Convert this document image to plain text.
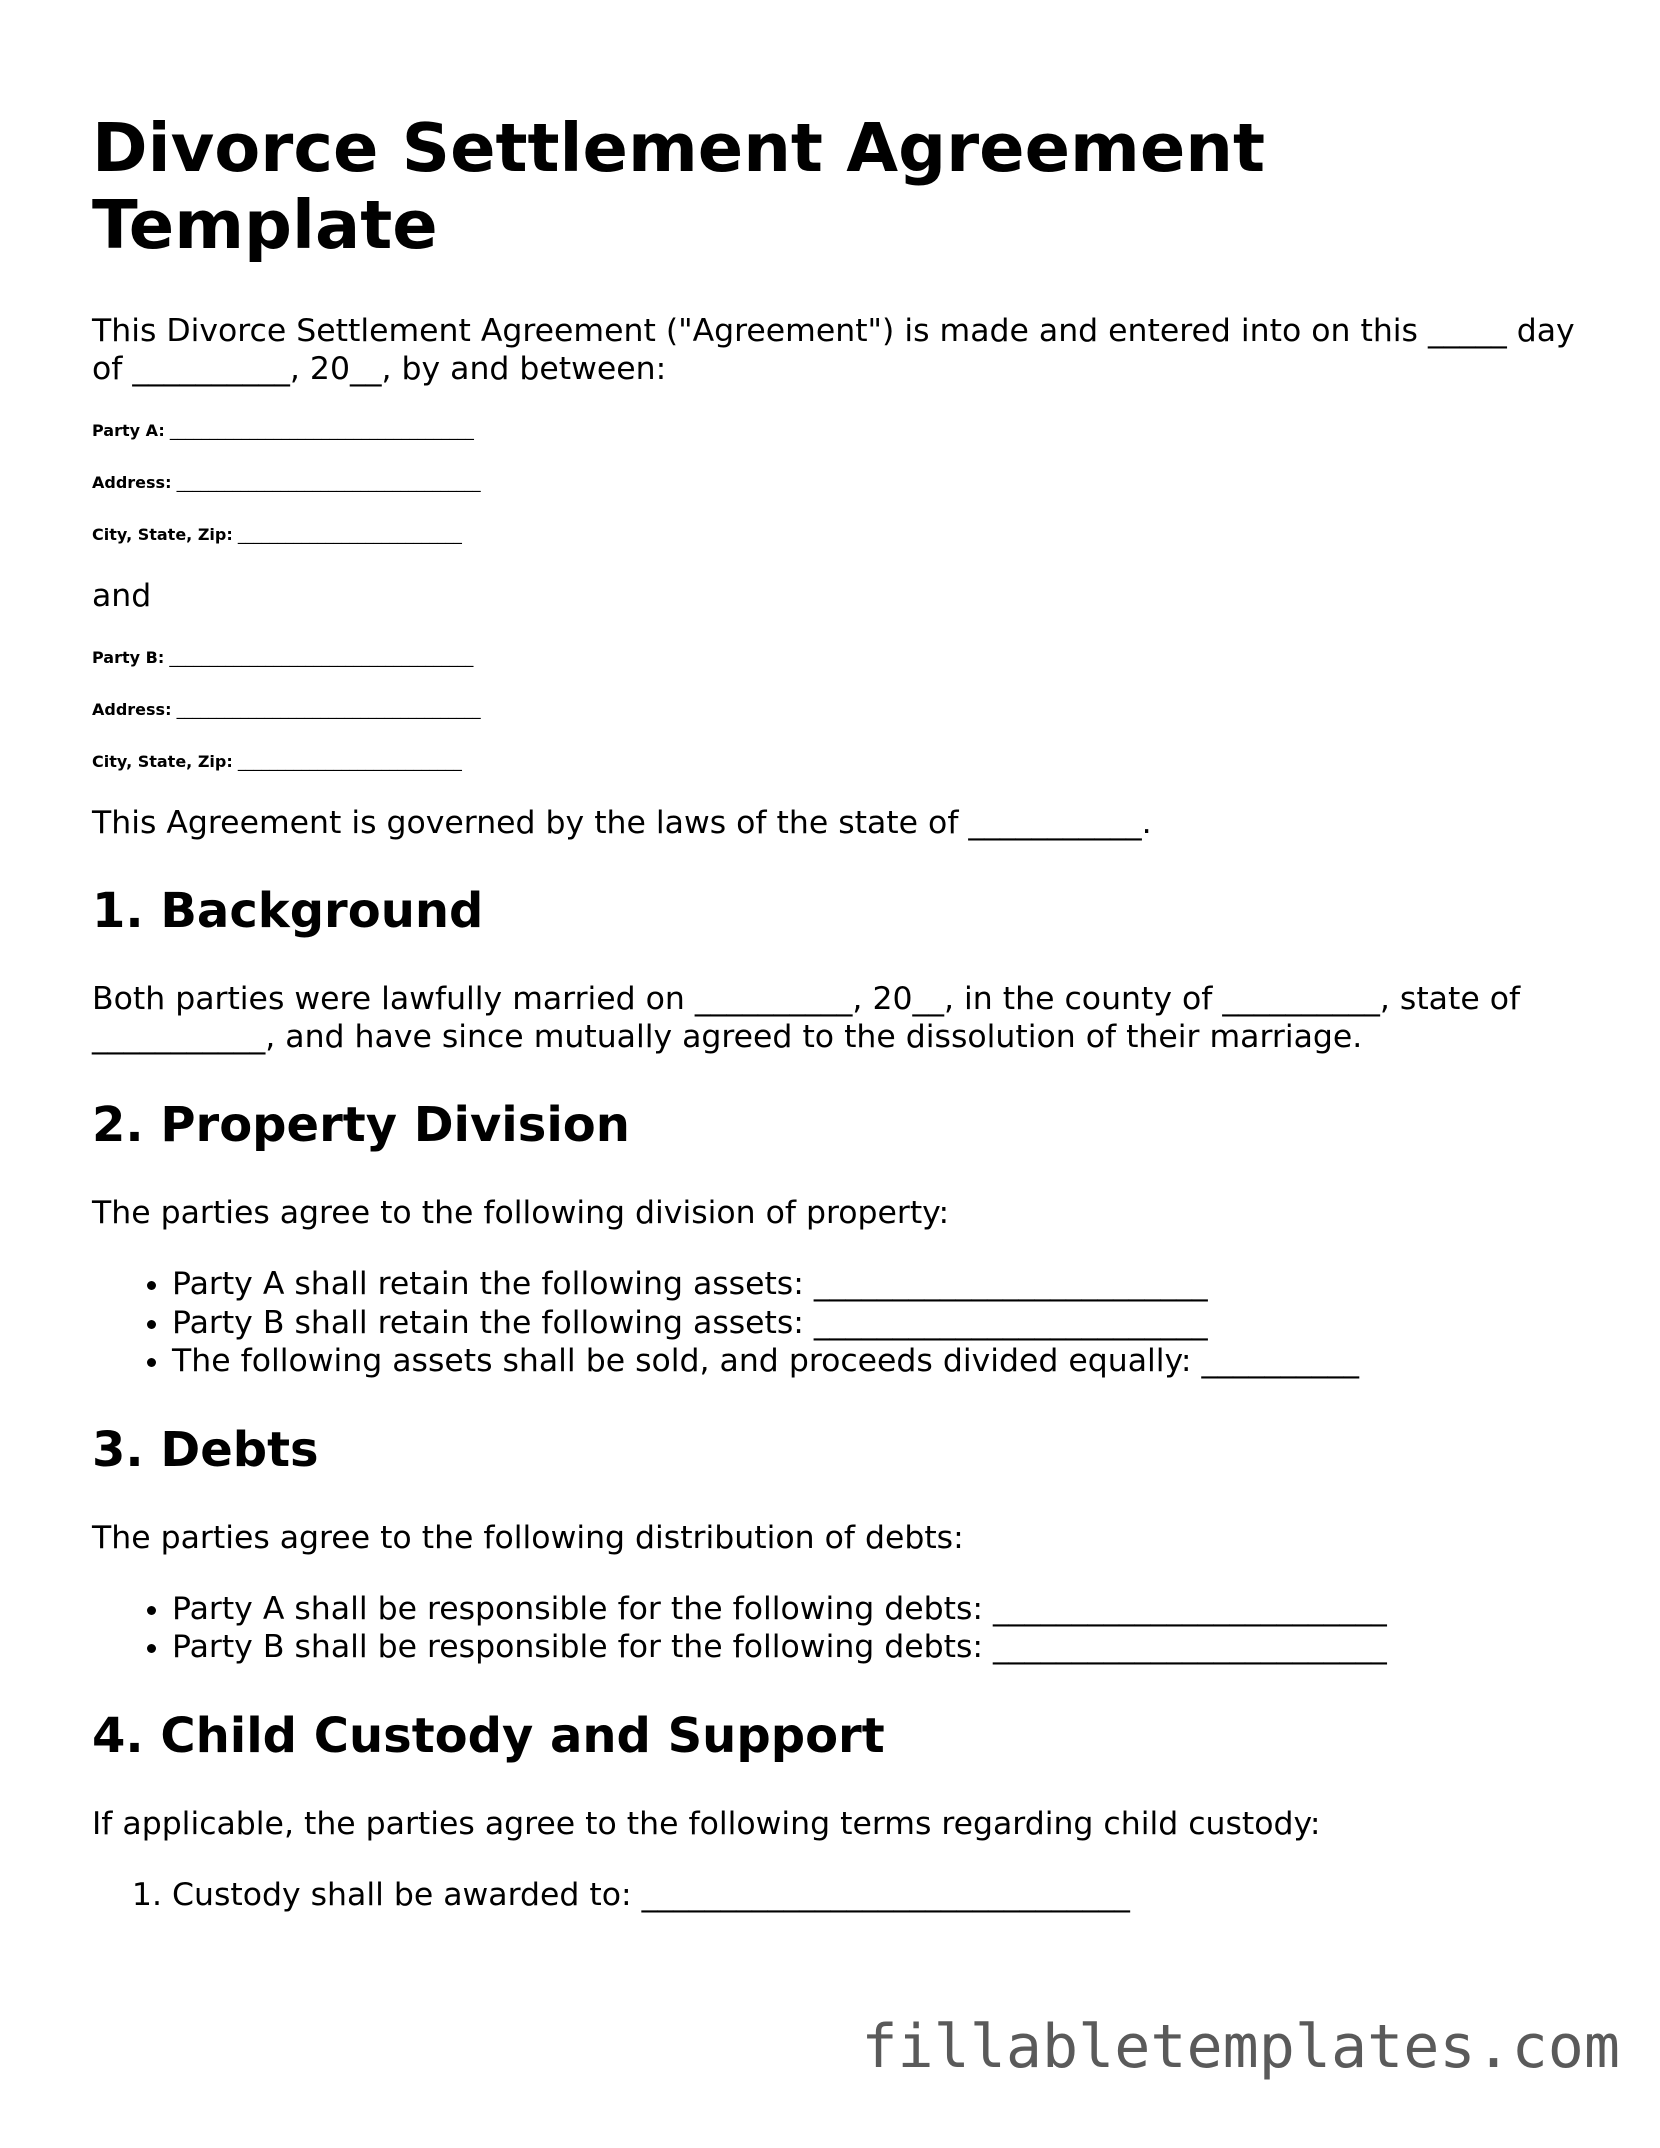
Divorce Settlement Agreement Template

This Divorce Settlement Agreement ("Agreement") is made and entered into on this _____ day of __________, 20__, by and between:

Party A: ______________________________________
Address: ______________________________________
City, State, Zip: ____________________________

and

Party B: ______________________________________
Address: ______________________________________
City, State, Zip: ____________________________

This Agreement is governed by the laws of the state of ___________.

1. Background

Both parties were lawfully married on __________, 20__, in the county of __________, state of ___________, and have since mutually agreed to the dissolution of their marriage.

2. Property Division

The parties agree to the following division of property:

• Party A shall retain the following assets: _________________________
• Party B shall retain the following assets: _________________________
• The following assets shall be sold, and proceeds divided equally: __________
3. Debts

The parties agree to the following distribution of debts:

• Party A shall be responsible for the following debts: _________________________
• Party B shall be responsible for the following debts: _________________________
4. Child Custody and Support

If applicable, the parties agree to the following terms regarding child custody:

1. Custody shall be awarded to: _______________________________
fillabletemplates.com
